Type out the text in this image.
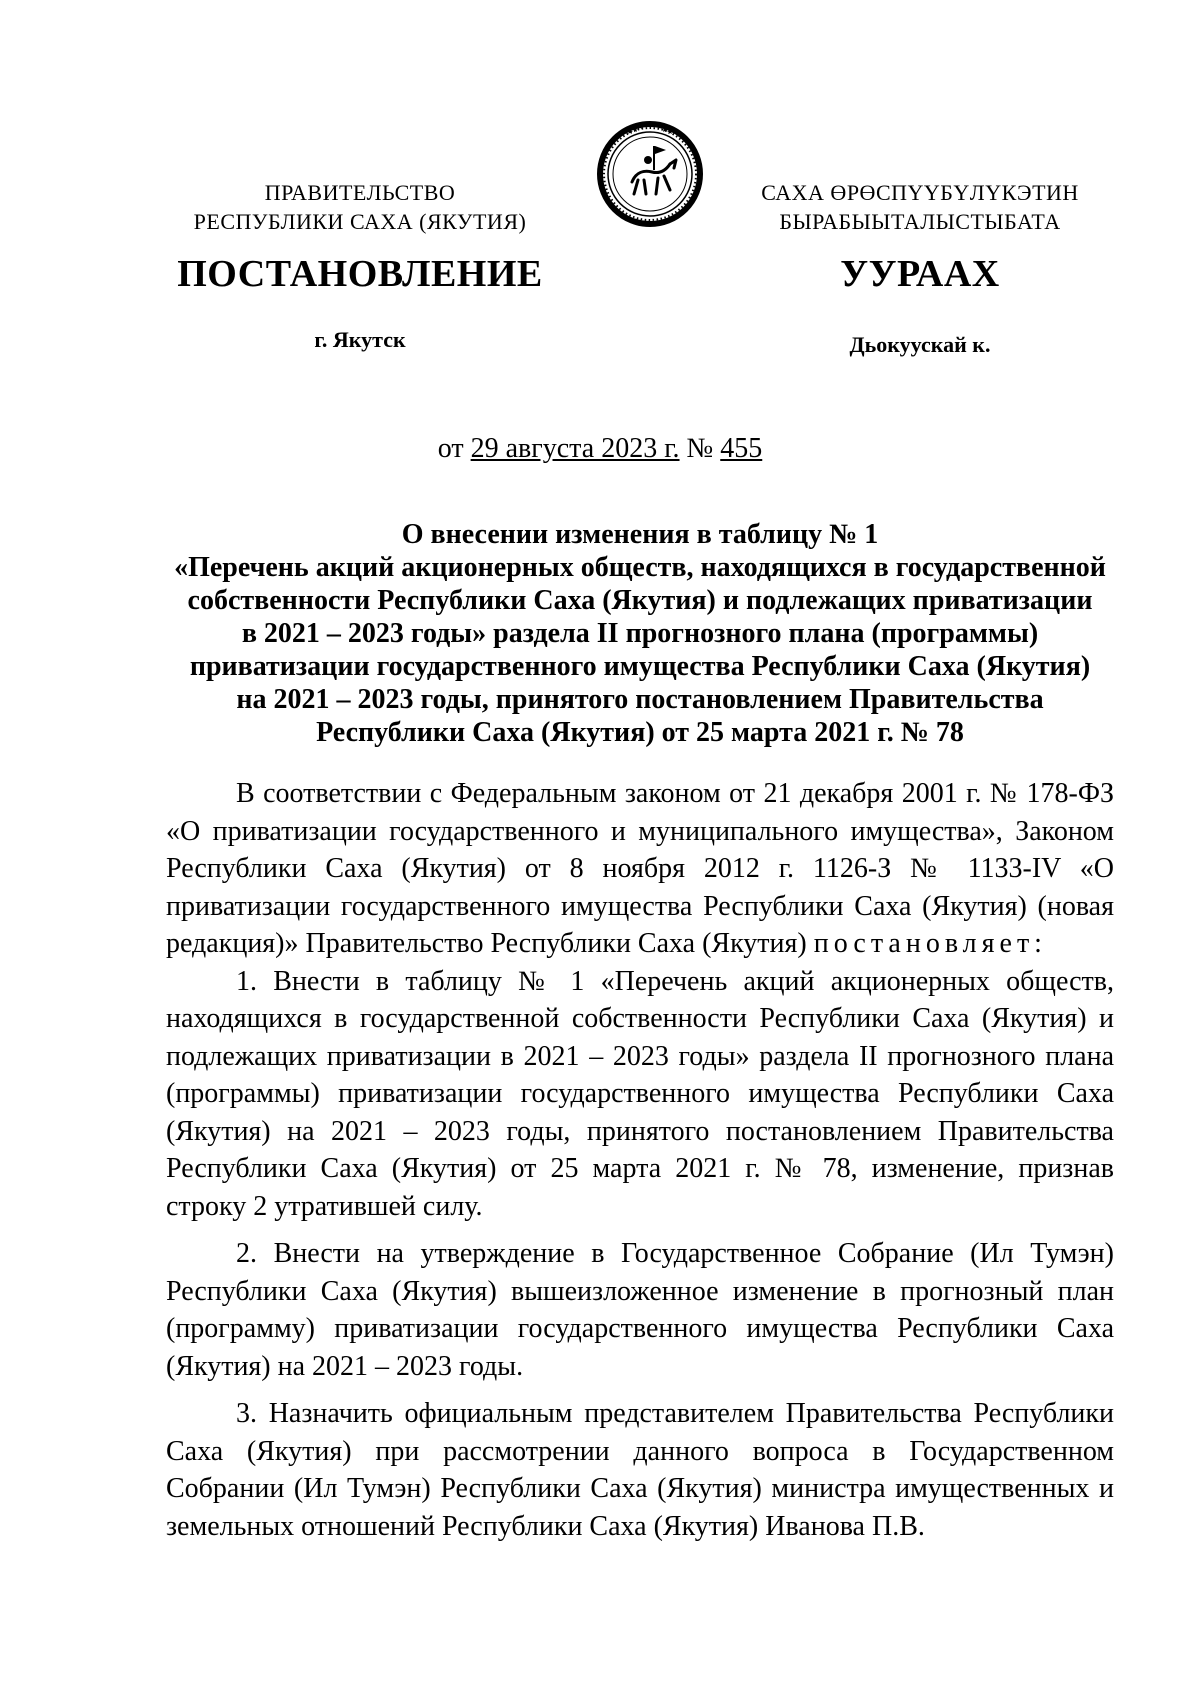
ПРАВИТЕЛЬСТВО
РЕСПУБЛИКИ САХА (ЯКУТИЯ)
САХА ӨРӨСПҮҮБҮЛҮКЭТИН
БЫРАБЫЫТАЛЫСТЫБАТА
ПОСТАНОВЛЕНИЕ	УУРААХ
г. Якутск	Дьокуускай к.
от 29 августа 2023 г. № 455
О внесении изменения в таблицу № 1
«Перечень акций акционерных обществ, находящихся в государственной
собственности Республики Саха (Якутия) и подлежащих приватизации
в 2021 – 2023 годы» раздела II прогнозного плана (программы)
приватизации государственного имущества Республики Саха (Якутия)
на 2021 – 2023 годы, принятого постановлением Правительства
Республики Саха (Якутия) от 25 марта 2021 г. № 78

В соответствии с Федеральным законом от 21 декабря 2001 г. № 178-ФЗ «О приватизации государственного и муниципального имущества», Законом Республики Саха (Якутия) от 8 ноября 2012 г. 1126-З № 1133-IV «О приватизации государственного имущества Республики Саха (Якутия) (новая редакция)» Правительство Республики Саха (Якутия) постановляет:

1. Внести в таблицу № 1 «Перечень акций акционерных обществ, находящихся в государственной собственности Республики Саха (Якутия) и подлежащих приватизации в 2021 – 2023 годы» раздела II прогнозного плана (программы) приватизации государственного имущества Республики Саха (Якутия) на 2021 – 2023 годы, принятого постановлением Правительства Республики Саха (Якутия) от 25 марта 2021 г. № 78, изменение, признав строку 2 утратившей силу.

2. Внести на утверждение в Государственное Собрание (Ил Тумэн) Республики Саха (Якутия) вышеизложенное изменение в прогнозный план (программу) приватизации государственного имущества Республики Саха (Якутия) на 2021 – 2023 годы.

3. Назначить официальным представителем Правительства Республики Саха (Якутия) при рассмотрении данного вопроса в Государственном Собрании (Ил Тумэн) Республики Саха (Якутия) министра имущественных и земельных отношений Республики Саха (Якутия) Иванова П.В.
